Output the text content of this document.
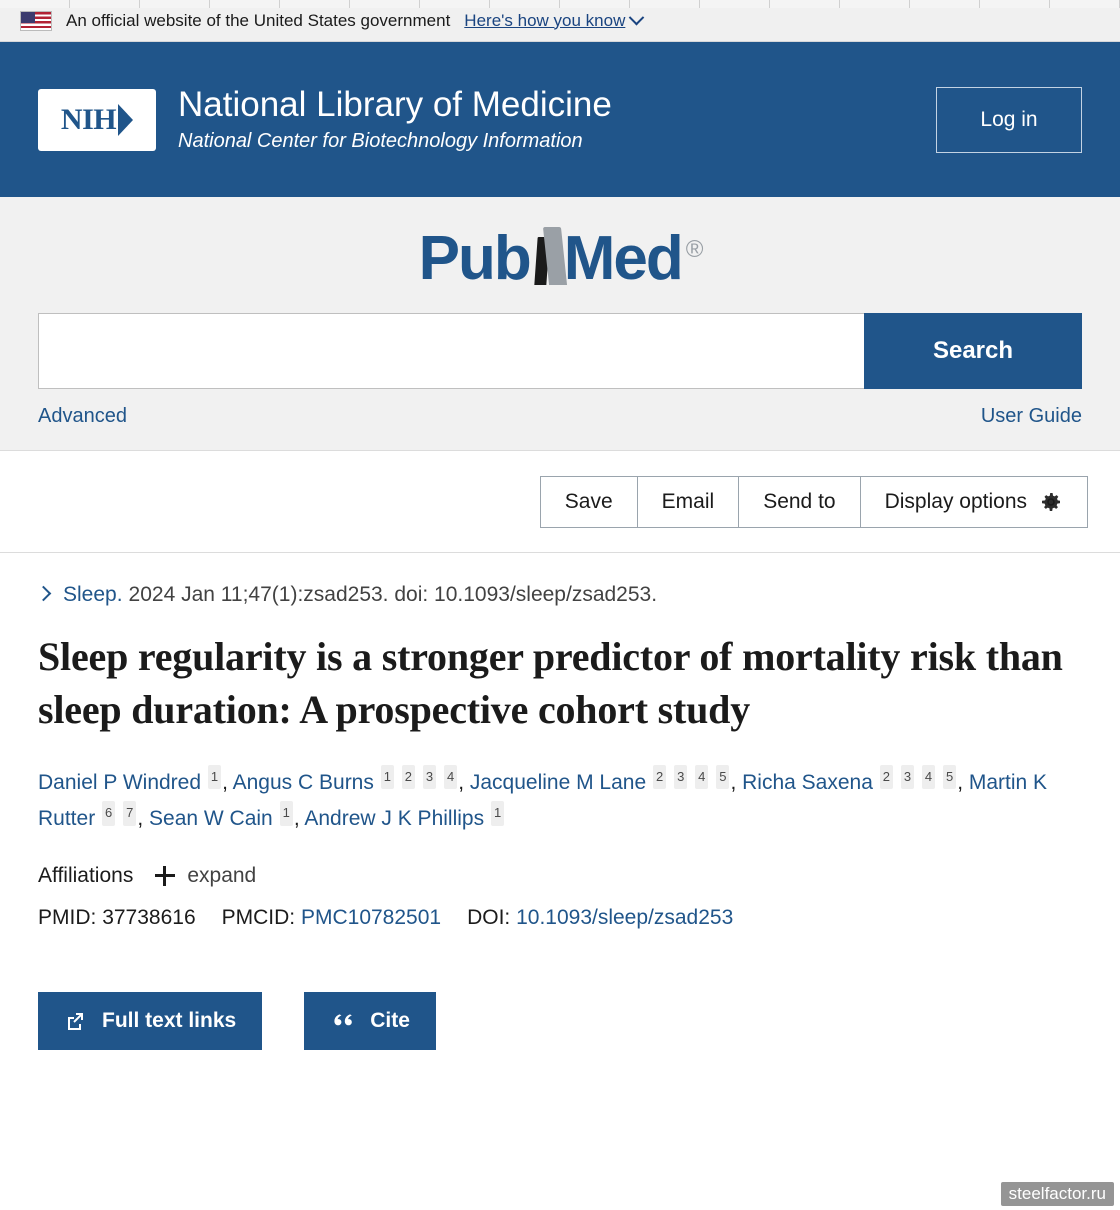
An official website of the United States government Here's how you know
NIH National Library of Medicine
National Center for Biotechnology Information
Log in
Pub Med ®
Search
Advanced	User Guide
Save	Email	Send to	Display options
Sleep. 2024 Jan 11;47(1):zsad253. doi: 10.1093/sleep/zsad253.
Sleep regularity is a stronger predictor of mortality risk than sleep duration: A prospective cohort study
Daniel P Windred 1 , Angus C Burns 1 2 3 4 , Jacqueline M Lane 2 3 4 5 , Richa Saxena 2 3 4 5 , Martin K Rutter 6 7 , Sean W Cain 1 , Andrew J K Phillips 1
Affiliations	expand
PMID: 37738616 PMCID: PMC10782501 DOI: 10.1093/sleep/zsad253
Full text links	Cite
steelfactor.ru
